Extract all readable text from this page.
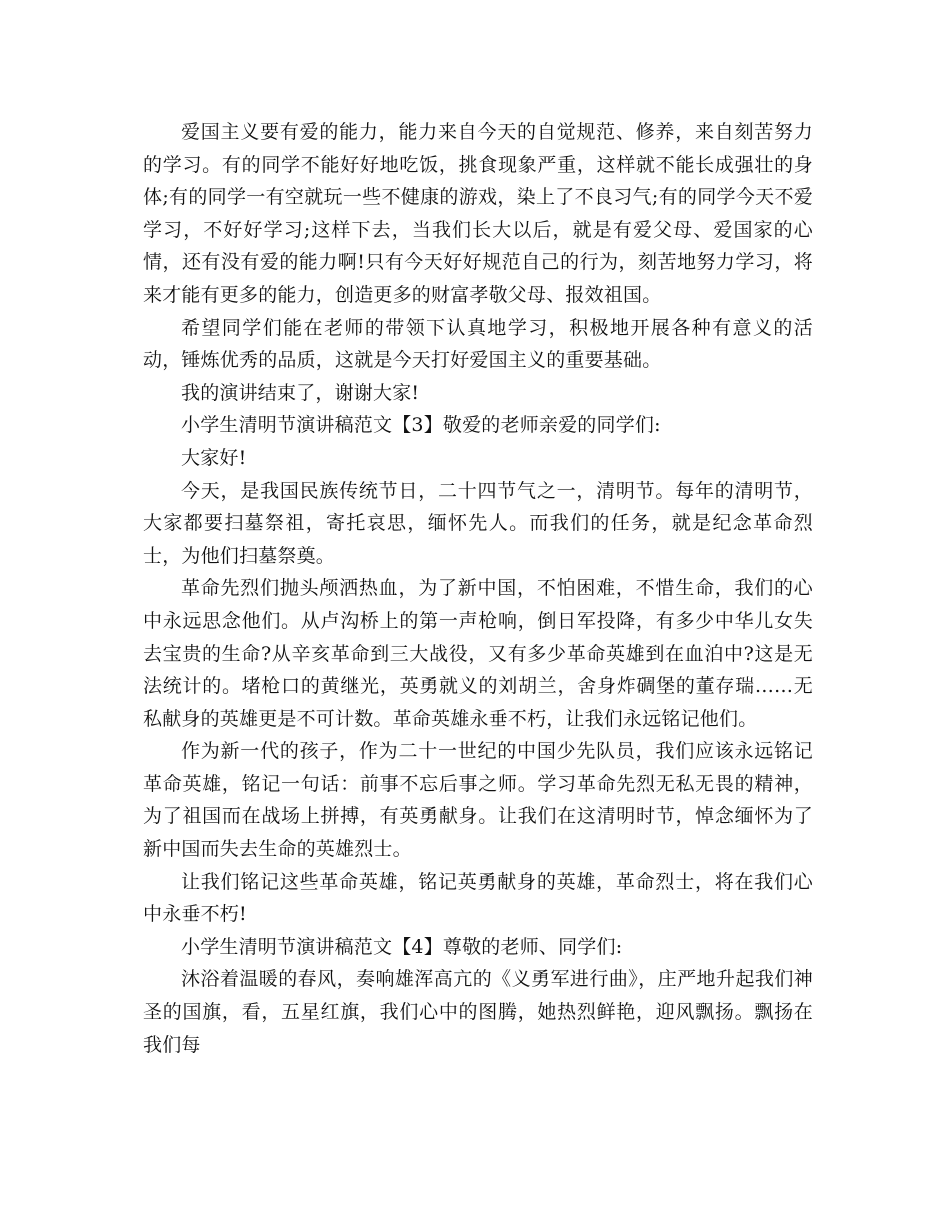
爱国主义要有爱的能力，能力来自今天的自觉规范、修养，来自刻苦努力的学习。有的同学不能好好地吃饭，挑食现象严重，这样就不能长成强壮的身体;有的同学一有空就玩一些不健康的游戏，染上了不良习气;有的同学今天不爱学习，不好好学习;这样下去，当我们长大以后，就是有爱父母、爱国家的心情，还有没有爱的能力啊!只有今天好好规范自己的行为，刻苦地努力学习，将来才能有更多的能力，创造更多的财富孝敬父母、报效祖国。

希望同学们能在老师的带领下认真地学习，积极地开展各种有意义的活动，锤炼优秀的品质，这就是今天打好爱国主义的重要基础。

我的演讲结束了，谢谢大家!

小学生清明节演讲稿范文【3】敬爱的老师亲爱的同学们:

大家好!

今天，是我国民族传统节日，二十四节气之一，清明节。每年的清明节，大家都要扫墓祭祖，寄托哀思，缅怀先人。而我们的任务，就是纪念革命烈士，为他们扫墓祭奠。

革命先烈们抛头颅洒热血，为了新中国，不怕困难，不惜生命，我们的心中永远思念他们。从卢沟桥上的第一声枪响，倒日军投降，有多少中华儿女失去宝贵的生命?从辛亥革命到三大战役，又有多少革命英雄到在血泊中?这是无法统计的。堵枪口的黄继光，英勇就义的刘胡兰，舍身炸碉堡的董存瑞……无私献身的英雄更是不可计数。革命英雄永垂不朽，让我们永远铭记他们。

作为新一代的孩子，作为二十一世纪的中国少先队员，我们应该永远铭记革命英雄，铭记一句话：前事不忘后事之师。学习革命先烈无私无畏的精神，为了祖国而在战场上拼搏，有英勇献身。让我们在这清明时节，悼念缅怀为了新中国而失去生命的英雄烈士。

让我们铭记这些革命英雄，铭记英勇献身的英雄，革命烈士，将在我们心中永垂不朽!

小学生清明节演讲稿范文【4】尊敬的老师、同学们:

沐浴着温暖的春风，奏响雄浑高亢的《义勇军进行曲》，庄严地升起我们神圣的国旗，看，五星红旗，我们心中的图腾，她热烈鲜艳，迎风飘扬。飘扬在我们每
